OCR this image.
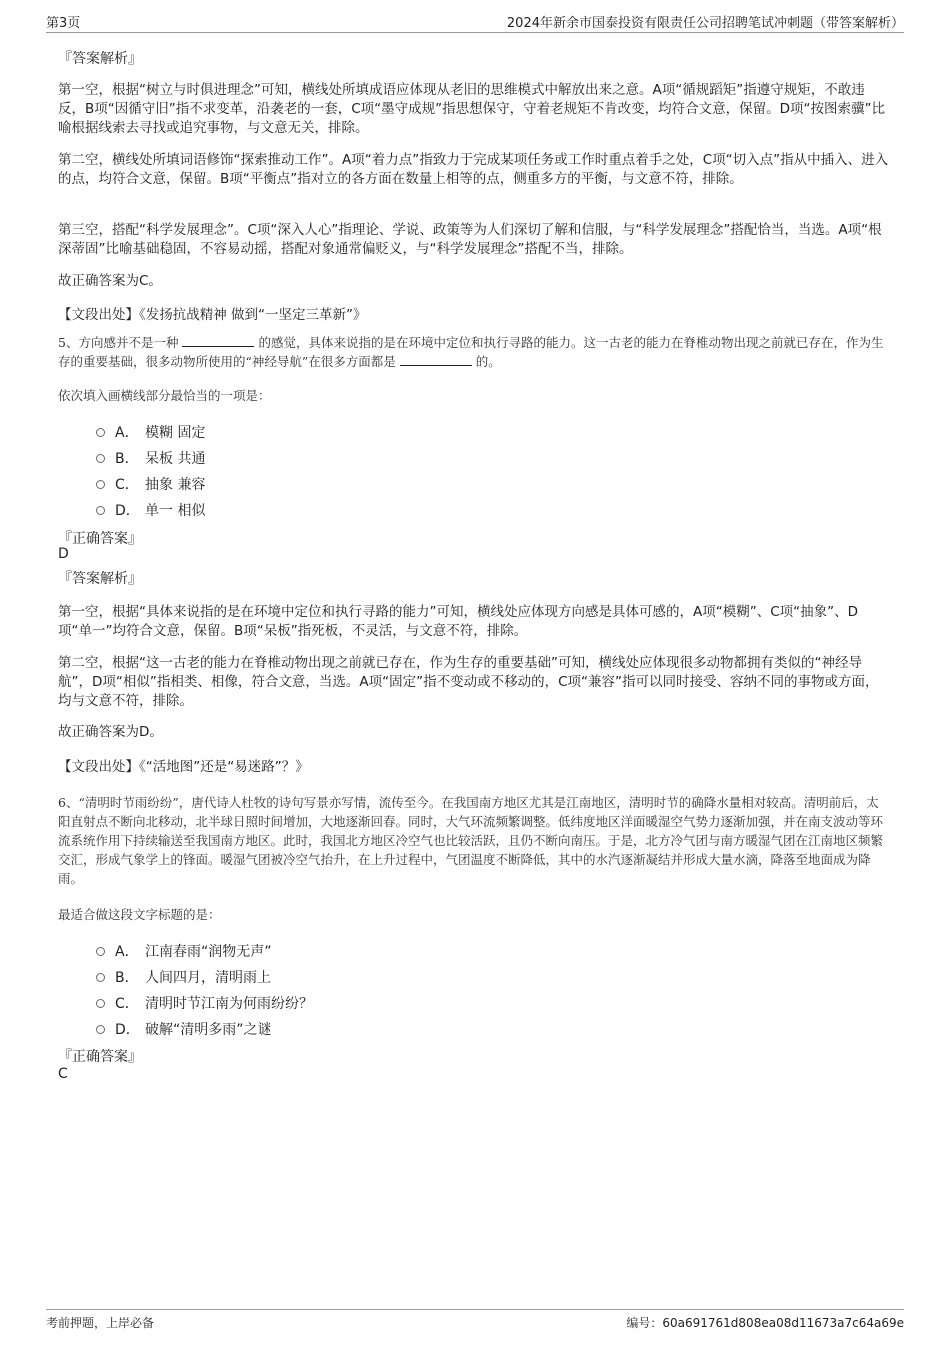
第3页	2024年新余市国泰投资有限责任公司招聘笔试冲刺题（带答案解析）
『答案解析』
第一空，根据“树立与时俱进理念”可知，横线处所填成语应体现从老旧的思维模式中解放出来之意。A项“循规蹈矩”指遵守规矩，不敢违反，B项“因循守旧”指不求变革，沿袭老的一套，C项“墨守成规”指思想保守，守着老规矩不肯改变，均符合文意，保留。D项“按图索骥”比喻根据线索去寻找或追究事物，与文意无关，排除。
第二空，横线处所填词语修饰“探索推动工作”。A项“着力点”指致力于完成某项任务或工作时重点着手之处，C项“切入点”指从中插入、进入的点，均符合文意，保留。B项“平衡点”指对立的各方面在数量上相等的点，侧重多方的平衡，与文意不符，排除。
第三空，搭配“科学发展理念”。C项“深入人心”指理论、学说、政策等为人们深切了解和信服，与“科学发展理念”搭配恰当，当选。A项“根深蒂固”比喻基础稳固，不容易动摇，搭配对象通常偏贬义，与“科学发展理念”搭配不当，排除。
故正确答案为C。
【文段出处】《发扬抗战精神 做到“一坚定三革新”》
5、方向感并不是一种	的感觉，具体来说指的是在环境中定位和执行寻路的能力。这一古老的能力在脊椎动物出现之前就已存在，作为生存的重要基础，很多动物所使用的“神经导航”在很多方面都是	的。
依次填入画横线部分最恰当的一项是：
A． 模糊 固定
B． 呆板 共通
C． 抽象 兼容
D． 单一 相似
『正确答案』
D
『答案解析』
第一空，根据“具体来说指的是在环境中定位和执行寻路的能力”可知，横线处应体现方向感是具体可感的，A项“模糊”、C项“抽象”、D项“单一”均符合文意，保留。B项“呆板”指死板，不灵活，与文意不符，排除。
第二空，根据“这一古老的能力在脊椎动物出现之前就已存在，作为生存的重要基础”可知，横线处应体现很多动物都拥有类似的“神经导航”，D项“相似”指相类、相像，符合文意，当选。A项“固定”指不变动或不移动的，C项“兼容”指可以同时接受、容纳不同的事物或方面，均与文意不符，排除。
故正确答案为D。
【文段出处】《“活地图”还是“易迷路”？》
6、“清明时节雨纷纷”，唐代诗人杜牧的诗句写景亦写情，流传至今。在我国南方地区尤其是江南地区，清明时节的确降水量相对较高。清明前后，太阳直射点不断向北移动，北半球日照时间增加，大地逐渐回春。同时，大气环流频繁调整。低纬度地区洋面暖湿空气势力逐渐加强，并在南支波动等环流系统作用下持续输送至我国南方地区。此时，我国北方地区冷空气也比较活跃，且仍不断向南压。于是，北方冷气团与南方暖湿气团在江南地区频繁交汇，形成气象学上的锋面。暖湿气团被冷空气抬升，在上升过程中，气团温度不断降低，其中的水汽逐渐凝结并形成大量水滴，降落至地面成为降雨。
最适合做这段文字标题的是：
A． 江南春雨“润物无声”
B． 人间四月，清明雨上
C． 清明时节江南为何雨纷纷？
D． 破解“清明多雨”之谜
『正确答案』
C
考前押题，上岸必备	编号：60a691761d808ea08d11673a7c64a69e
